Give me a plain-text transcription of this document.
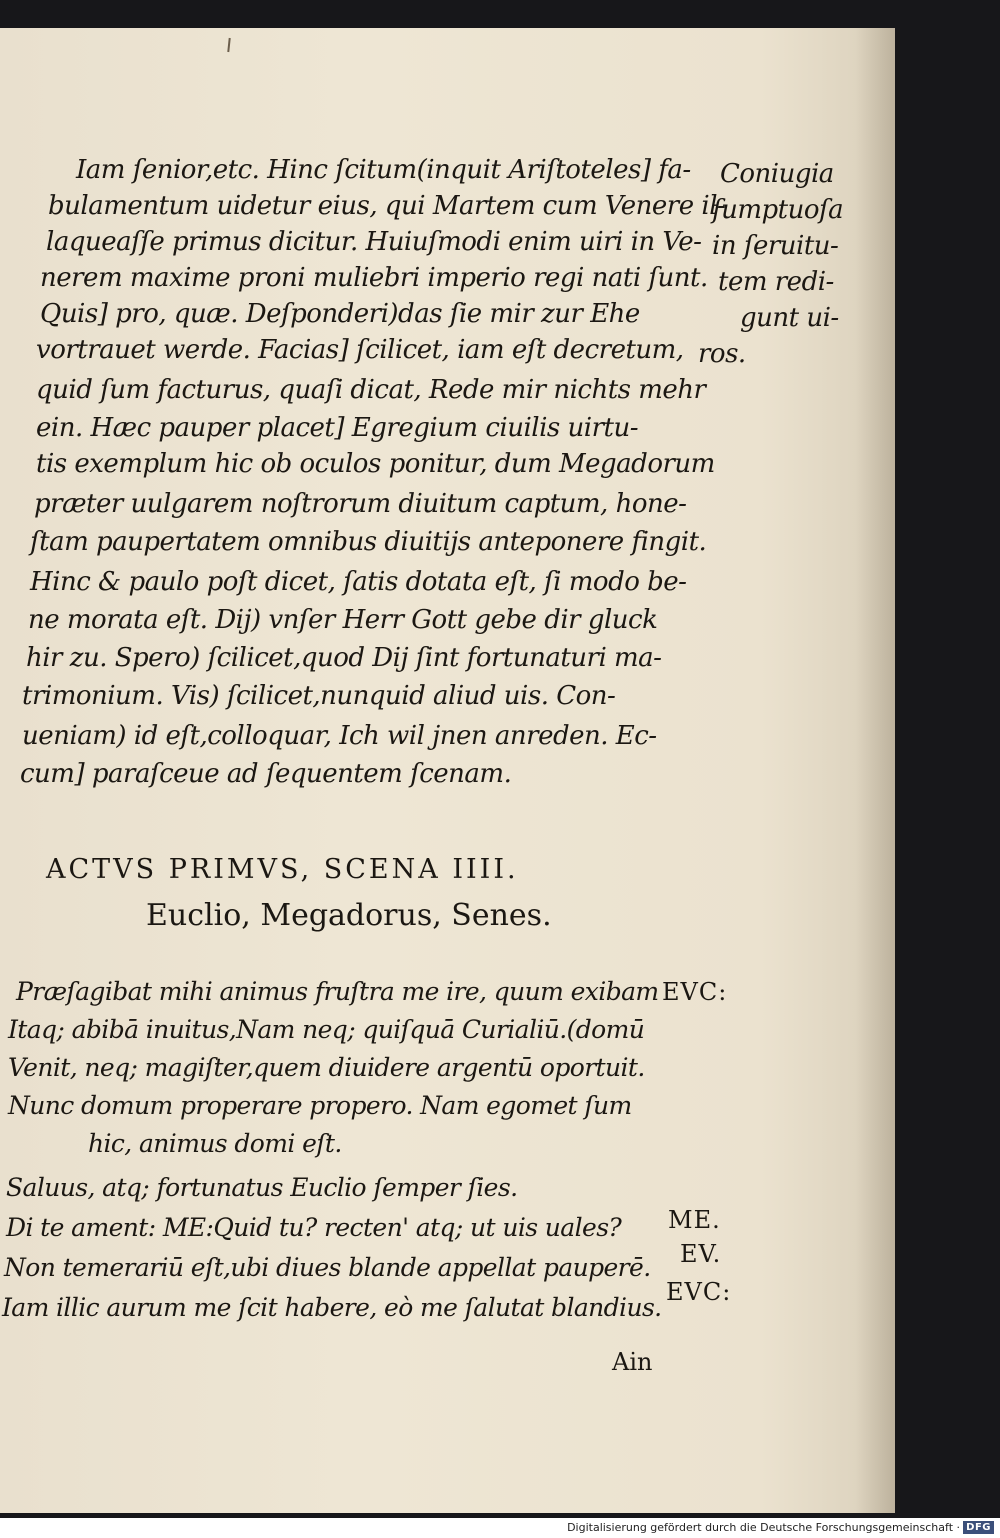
Iam ſenior,etc. Hinc ſcitum(inquit Ariſtoteles] fa-

bulamentum uidetur eius, qui Martem cum Venere il-

laqueaſſe primus dicitur. Huiuſmodi enim uiri in Ve-

nerem maxime proni muliebri imperio regi nati ſunt.

Quis] pro, quæ. Deſponderi)das ſie mir zur Ehe

vortrauet werde. Facias] ſcilicet, iam eſt decretum,

quid ſum facturus, quaſi dicat, Rede mir nichts mehr

ein. Hæc pauper placet] Egregium ciuilis uirtu-

tis exemplum hic ob oculos ponitur, dum Megadorum

præter uulgarem noſtrorum diuitum captum, hone-

ſtam paupertatem omnibus diuitijs anteponere fingit.

Hinc & paulo poſt dicet, ſatis dotata eſt, ſi modo be-

ne morata eſt. Dij) vnſer Herr Gott gebe dir gluck

hir zu. Spero) ſcilicet,quod Dij ſint fortunaturi ma-

trimonium. Vis) ſcilicet,nunquid aliud uis. Con-

ueniam) id eſt,colloquar, Ich wil jnen anreden. Ec-

cum] paraſceue ad ſequentem ſcenam.

Coniugia

ſumptuoſa

in ſeruitu-

tem redi-

gunt ui-

ros.

ACTVS PRIMVS, SCENA IIII.

Euclio, Megadorus, Senes.

Præſagibat mihi animus fruſtra me ire, quum exibam

Itaq; abibā inuitus,Nam neq; quiſquā Curialiū.(domū

Venit, neq; magiſter,quem diuidere argentū oportuit.

Nunc domum properare propero. Nam egomet ſum

hic, animus domi eſt.

Saluus, atq; fortunatus Euclio ſemper ſies.

Di te ament: ME:Quid tu? recten' atq; ut uis uales?

Non temerariū eſt,ubi diues blande appellat pauperē.

Iam illic aurum me ſcit habere, eò me ſalutat blandius.

EVC:

ME.

EV.

EVC:

Ain

Digitalisierung gefördert durch die Deutsche Forschungsgemeinschaft · DFG
